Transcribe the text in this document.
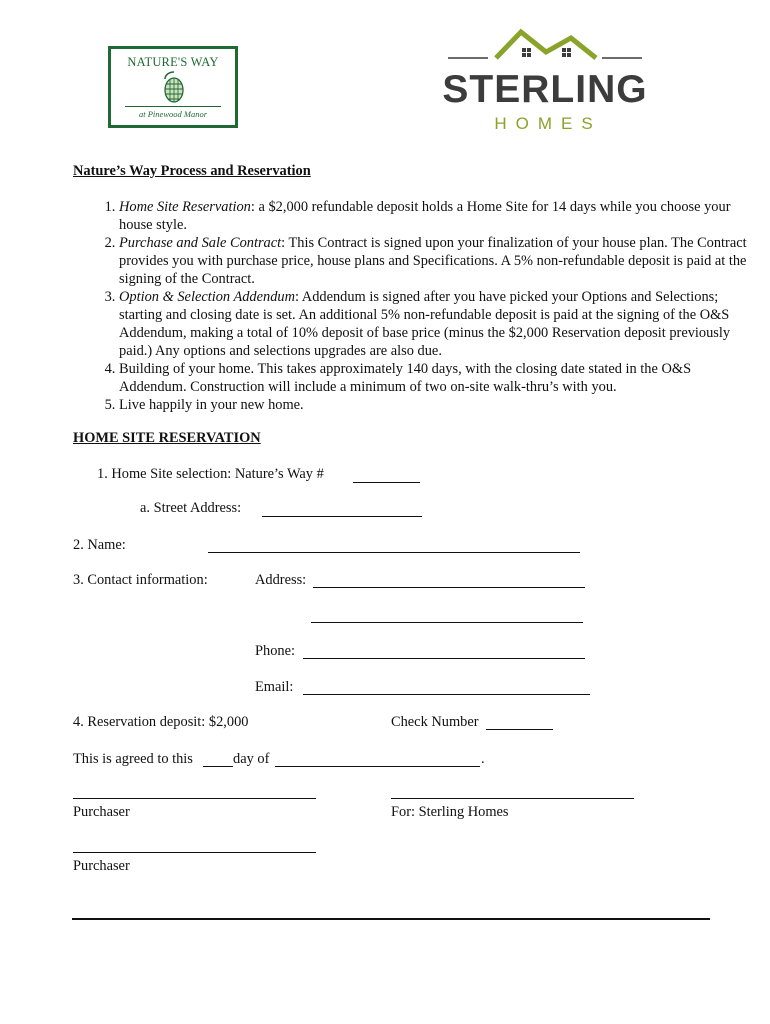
NATURE'S WAY
at Pinewood Manor
STERLING
HOMES
Nature’s Way Process and Reservation
1. Home Site Reservation: a $2,000 refundable deposit holds a Home Site for 14 days while you choose your house style.
2. Purchase and Sale Contract: This Contract is signed upon your finalization of your house plan. The Contract provides you with purchase price, house plans and Specifications. A 5% non-refundable deposit is paid at the signing of the Contract.
3. Option & Selection Addendum: Addendum is signed after you have picked your Options and Selections; starting and closing date is set. An additional 5% non-refundable deposit is paid at the signing of the O&S Addendum, making a total of 10% deposit of base price (minus the $2,000 Reservation deposit previously paid.) Any options and selections upgrades are also due.
4. Building of your home. This takes approximately 140 days, with the closing date stated in the O&S Addendum. Construction will include a minimum of two on-site walk-thru’s with you.
5. Live happily in your new home.
HOME SITE RESERVATION
1. Home Site selection: Nature’s Way #
a. Street Address:
2. Name:
3. Contact information:	Address:
Phone:
Email:
4. Reservation deposit: $2,000	Check Number
This is agreed to this	day of	.
Purchaser	For: Sterling Homes
Purchaser
